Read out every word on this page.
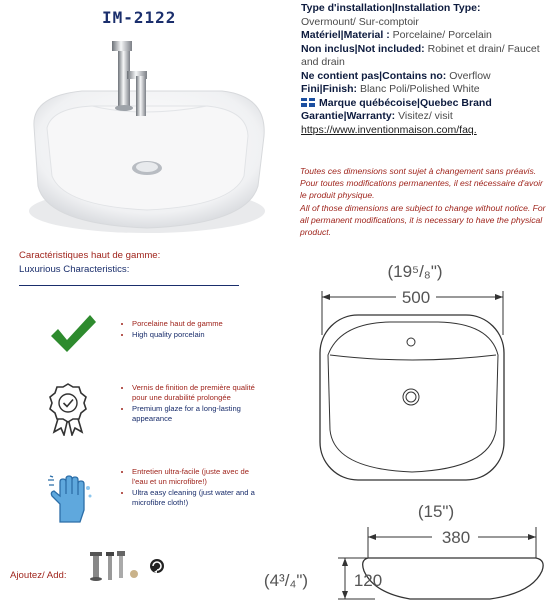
IM-2122	Type d'installation|Installation Type:
Overmount/ Sur-comptoir
Matériel|Material : Porcelaine/ Porcelain
Non inclus|Not included: Robinet et drain/ Faucet and drain
Ne contient pas|Contains no: Overflow
Fini|Finish: Blanc Poli/Polished White
Marque québécoise|Quebec Brand
Garantie|Warranty: Visitez/ visit
https://www.inventionmaison.com/faq.

Toutes ces dimensions sont sujet à changement sans préavis. Pour toutes modifications permanentes, il est nécessaire d'avoir le produit physique.

All of those dimensions are subject to change without notice. For all permanent modifications, it is necessary to have the physical product.

Caractéristiques haut de gamme:
Luxurious Characteristics:
• Porcelaine haut de gamme
• High quality porcelain
• Vernis de finition de première qualité pour une durabilité prolongée
• Premium glaze for a long-lasting appearance
• Entretien ultra-facile (juste avec de l'eau et un microfibre!)
• Ultra easy cleaning (just water and a microfibre cloth!)
Ajoutez/ Add:
(19⁵/₈")
500
(15")
380
(4³/₄")	120
